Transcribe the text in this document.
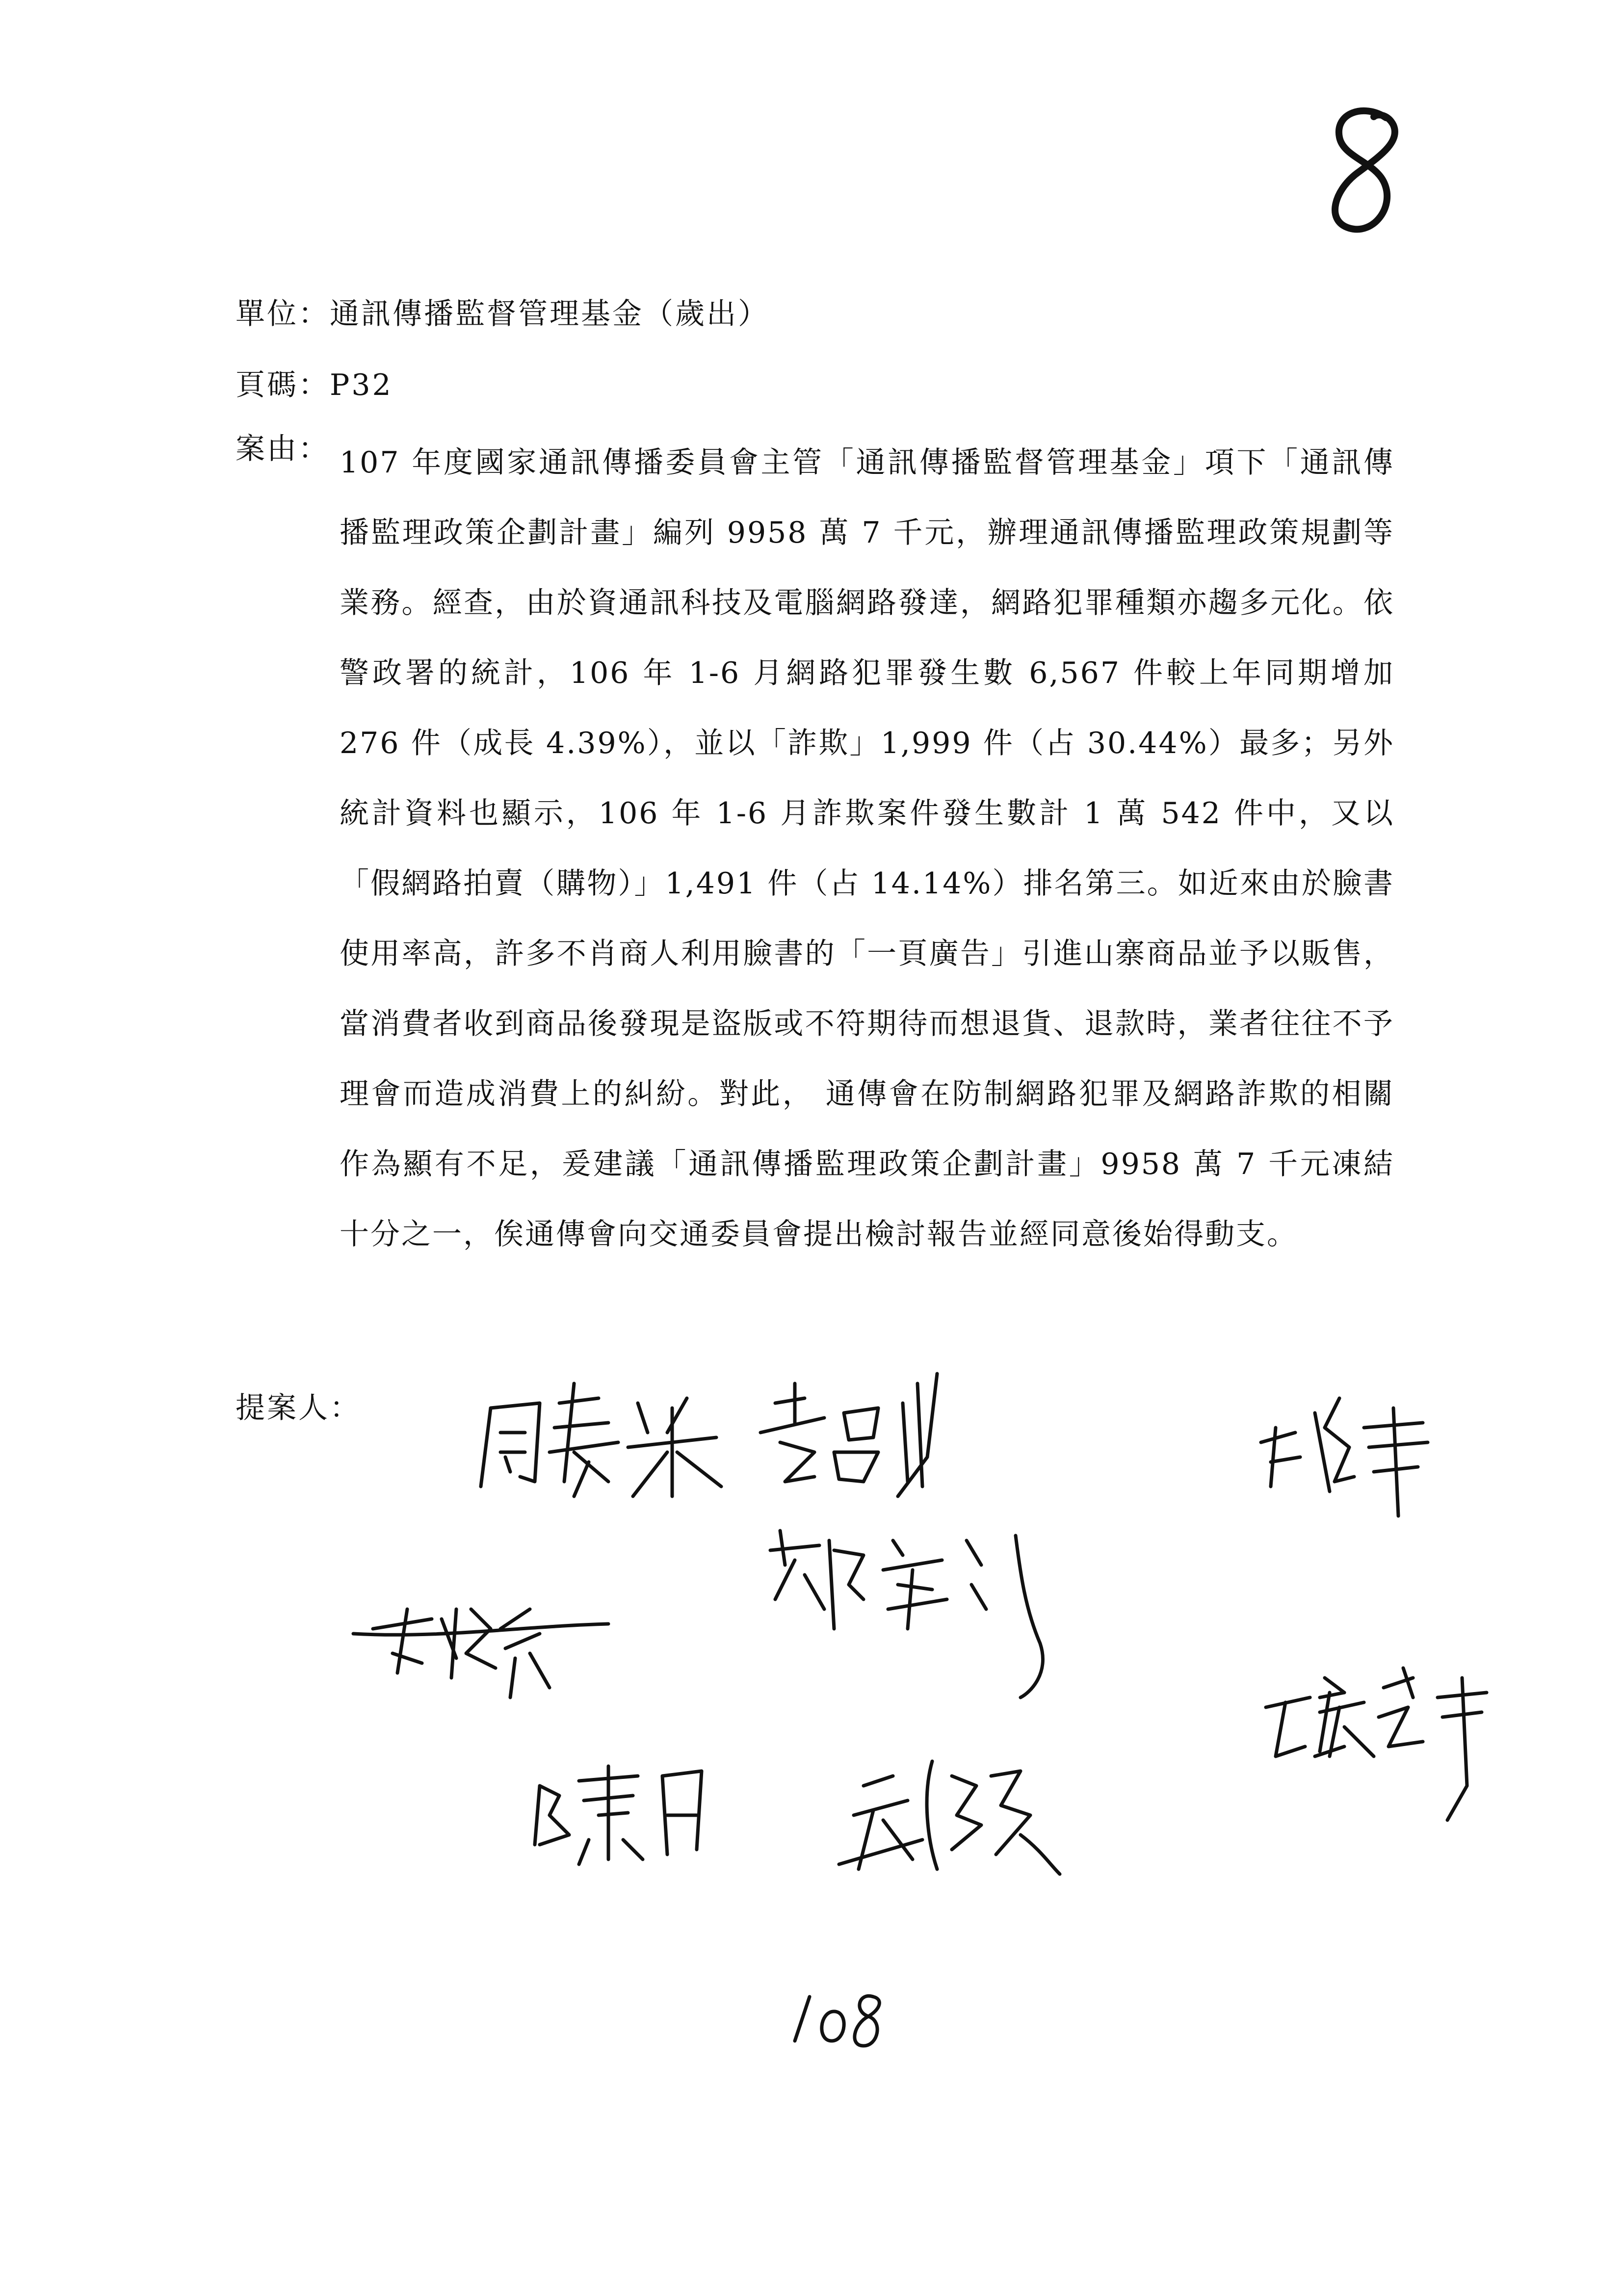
單位：通訊傳播監督管理基金（歲出）
頁碼：P32
案由： 107 年度國家通訊傳播委員會主管「通訊傳播監督管理基金」項下「通訊傳播監理政策企劃計畫」編列 9958 萬 7 千元，辦理通訊傳播監理政策規劃等業務。經查，由於資通訊科技及電腦網路發達，網路犯罪種類亦趨多元化。依警政署的統計，106 年 1-6 月網路犯罪發生數 6,567 件較上年同期增加 276 件（成長 4.39%），並以「詐欺」1,999 件（占 30.44%）最多；另外統計資料也顯示，106 年 1-6 月詐欺案件發生數計 1 萬 542 件中，又以「假網路拍賣（購物）」1,491 件（占 14.14%）排名第三。如近來由於臉書使用率高，許多不肖商人利用臉書的「一頁廣告」引進山寨商品並予以販售，當消費者收到商品後發現是盜版或不符期待而想退貨、退款時，業者往往不予理會而造成消費上的糾紛。對此， 通傳會在防制網路犯罪及網路詐欺的相關作為顯有不足，爰建議「通訊傳播監理政策企劃計畫」9958 萬 7 千元凍結十分之一，俟通傳會向交通委員會提出檢討報告並經同意後始得動支。
提案人：
